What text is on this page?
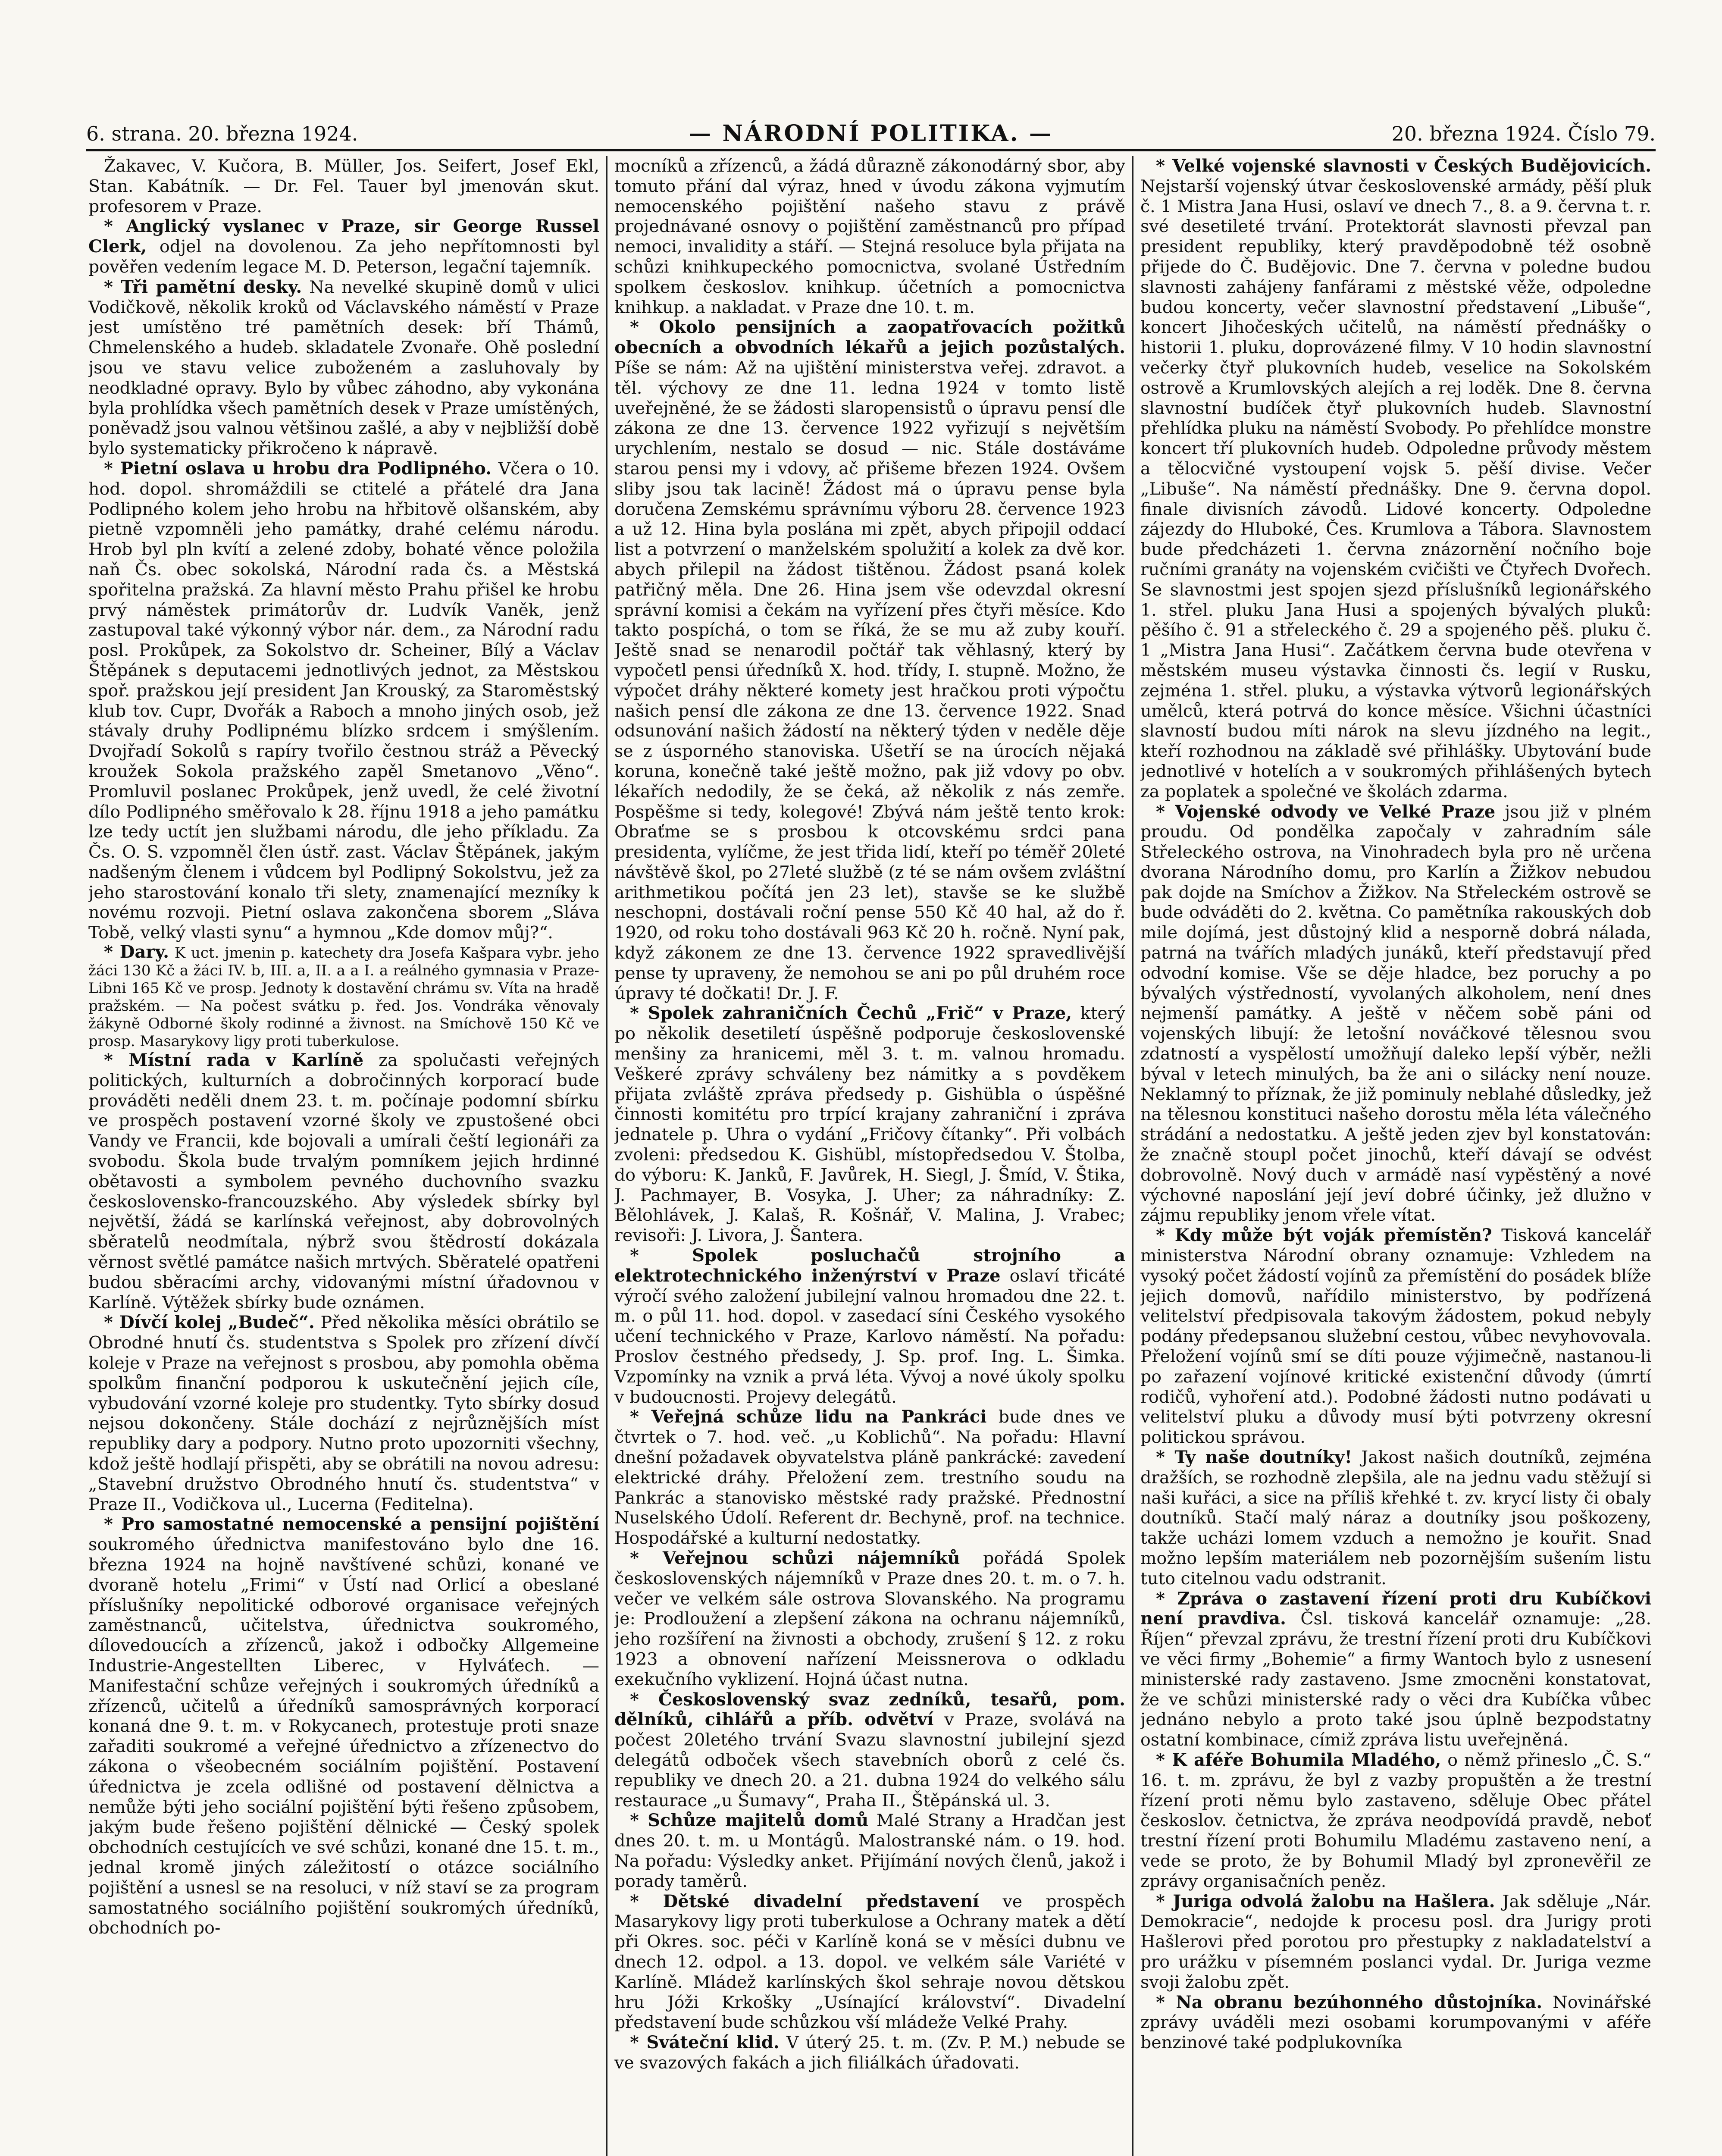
6. strana. 20. března 1924.	— NÁRODNÍ POLITIKA. —	20. března 1924. Číslo 79.

Žakavec, V. Kučora, B. Müller, Jos. Seifert, Josef Ekl, Stan. Kabátník. — Dr. Fel. Tauer byl jmenován skut. profesorem v Praze.

* Anglický vyslanec v Praze, sir George Russel Clerk, odjel na dovolenou. Za jeho nepřítomnosti byl pověřen vedením legace M. D. Peterson, legační tajemník.

* Tři pamětní desky. Na nevelké skupině domů v ulici Vodičkově, několik kroků od Václavského náměstí v Praze jest umístěno tré pamětních desek: bří Thámů, Chmelenského a hudeb. skladatele Zvonaře. Ohě poslední jsou ve stavu velice zuboženém a zasluhovaly by neodkladné opravy. Bylo by vůbec záhodno, aby vykonána byla prohlídka všech pamětních desek v Praze umístěných, poněvadž jsou valnou většinou zašlé, a aby v nejbližší době bylo systematicky přikročeno k nápravě.

* Pietní oslava u hrobu dra Podlipného. Včera o 10. hod. dopol. shromáždili se ctitelé a přátelé dra Jana Podlipného kolem jeho hrobu na hřbitově olšanském, aby pietně vzpomněli jeho památky, drahé celému národu. Hrob byl pln kvítí a zelené zdoby, bohaté věnce položila naň Čs. obec sokolská, Národní rada čs. a Městská spořitelna pražská. Za hlavní město Prahu přišel ke hrobu prvý náměstek primátorův dr. Ludvík Vaněk, jenž zastupoval také výkonný výbor nár. dem., za Národní radu posl. Prokůpek, za Sokolstvo dr. Scheiner, Bílý a Václav Štěpánek s deputacemi jednotlivých jednot, za Městskou spoř. pražskou její president Jan Krouský, za Staroměstský klub tov. Cupr, Dvořák a Raboch a mnoho jiných osob, jež stávaly druhy Podlipnému blízko srdcem i smýšlením. Dvojřadí Sokolů s rapíry tvořilo čestnou stráž a Pěvecký kroužek Sokola pražského zapěl Smetanovo „Věno“. Promluvil poslanec Prokůpek, jenž uvedl, že celé životní dílo Podlipného směřovalo k 28. říjnu 1918 a jeho památku lze tedy uctít jen službami národu, dle jeho příkladu. Za Čs. O. S. vzpomněl člen ústř. zast. Václav Štěpánek, jakým nadšeným členem i vůdcem byl Podlipný Sokolstvu, jež za jeho starostování konalo tři slety, znamenající mezníky k novému rozvoji. Pietní oslava zakončena sborem „Sláva Tobě, velký vlasti synu“ a hymnou „Kde domov můj?“.

* Dary. K uct. jmenin p. katechety dra Josefa Kašpara vybr. jeho žáci 130 Kč a žáci IV. b, III. a, II. a a I. a reálného gymnasia v Praze-Libni 165 Kč ve prosp. Jednoty k dostavění chrámu sv. Víta na hradě pražském. — Na počest svátku p. řed. Jos. Vondráka věnovaly žákyně Odborné školy rodinné a živnost. na Smíchově 150 Kč ve prosp. Masarykovy ligy proti tuberkulose.

* Místní rada v Karlíně za spolučasti veřejných politických, kulturních a dobročinných korporací bude prováděti neděli dnem 23. t. m. počínaje podomní sbírku ve prospěch postavení vzorné školy ve zpustošené obci Vandy ve Francii, kde bojovali a umírali čeští legionáři za svobodu. Škola bude trvalým pomníkem jejich hrdinné obětavosti a symbolem pevného duchovního svazku československo-francouzského. Aby výsledek sbírky byl největší, žádá se karlínská veřejnost, aby dobrovolných sběratelů neodmítala, nýbrž svou štědrostí dokázala věrnost světlé památce našich mrtvých. Sběratelé opatřeni budou sběracími archy, vidovanými místní úřadovnou v Karlíně. Výtěžek sbírky bude oznámen.

* Dívčí kolej „Budeč“. Před několika měsíci obrátilo se Obrodné hnutí čs. studentstva s Spolek pro zřízení dívčí koleje v Praze na veřejnost s prosbou, aby pomohla oběma spolkům finanční podporou k uskutečnění jejich cíle, vybudování vzorné koleje pro studentky. Tyto sbírky dosud nejsou dokončeny. Stále dochází z nejrůznějších míst republiky dary a podpory. Nutno proto upozorniti všechny, kdož ještě hodlají přispěti, aby se obrátili na novou adresu: „Stavební družstvo Obrodného hnutí čs. studentstva“ v Praze II., Vodičkova ul., Lucerna (Feditelna).

* Pro samostatné nemocenské a pensijní pojištění soukromého úřednictva manifestováno bylo dne 16. března 1924 na hojně navštívené schůzi, konané ve dvoraně hotelu „Frimi“ v Ústí nad Orlicí a obeslané příslušníky nepolitické odborové organisace veřejných zaměstnanců, učitelstva, úřednictva soukromého, dílovedoucích a zřízenců, jakož i odbočky Allgemeine Industrie-Angestellten Liberec, v Hylváťech. — Manifestační schůze veřejných i soukromých úředníků a zřízenců, učitelů a úředníků samosprávných korporací konaná dne 9. t. m. v Rokycanech, protestuje proti snaze zařaditi soukromé a veřejné úřednictvo a zřízenectvo do zákona o všeobecném sociálním pojištění. Postavení úřednictva je zcela odlišné od postavení dělnictva a nemůže býti jeho sociální pojištění býti řešeno způsobem, jakým bude řešeno pojištění dělnické — Český spolek obchodních cestujících ve své schůzi, konané dne 15. t. m., jednal kromě jiných záležitostí o otázce sociálního pojištění a usnesl se na resoluci, v níž staví se za program samostatného sociálního pojištění soukromých úředníků, obchodních po-

mocníků a zřízenců, a žádá důrazně zákonodárný sbor, aby tomuto přání dal výraz, hned v úvodu zákona vyjmutím nemocenského pojištění našeho stavu z právě projednávané osnovy o pojištění zaměstnanců pro případ nemoci, invalidity a stáří. — Stejná resoluce byla přijata na schůzi knihkupeckého pomocnictva, svolané Ústředním spolkem českoslov. knihkup. účetních a pomocnictva knihkup. a nakladat. v Praze dne 10. t. m.

* Okolo pensijních a zaopatřovacích požitků obecních a obvodních lékařů a jejich pozůstalých. Píše se nám: Až na ujištění ministerstva veřej. zdravot. a těl. výchovy ze dne 11. ledna 1924 v tomto listě uveřejněné, že se žádosti slaropensistů o úpravu pensí dle zákona ze dne 13. července 1922 vyřizují s největším urychlením, nestalo se dosud — nic. Stále dostáváme starou pensi my i vdovy, ač přišeme březen 1924. Ovšem sliby jsou tak lacině! Žádost má o úpravu pense byla doručena Zemskému správnímu výboru 28. července 1923 a už 12. Hina byla poslána mi zpět, abych připojil oddací list a potvrzení o manželském spolužití a kolek za dvě kor. abych přilepil na žádost tištěnou. Žádost psaná kolek patřičný měla. Dne 26. Hina jsem vše odevzdal okresní správní komisi a čekám na vyřízení přes čtyři měsíce. Kdo takto pospíchá, o tom se říká, že se mu až zuby kouří. Ještě snad se nenarodil počtář tak věhlasný, který by vypočetl pensi úředníků X. hod. třídy, I. stupně. Možno, že výpočet dráhy některé komety jest hračkou proti výpočtu našich pensí dle zákona ze dne 13. července 1922. Snad odsunování našich žádostí na některý týden v neděle děje se z úsporného stanoviska. Ušetří se na úrocích nějaká koruna, konečně také ještě možno, pak již vdovy po obv. lékařích nedodily, že se čeká, až několik z nás zemře. Pospěšme si tedy, kolegové! Zbývá nám ještě tento krok: Obraťme se s prosbou k otcovskému srdci pana presidenta, vylíčme, že jest třida lidí, kteří po téměř 20leté návštěvě škol, po 27leté službě (z té se nám ovšem zvláštní arithmetikou počítá jen 23 let), stavše se ke službě neschopni, dostávali roční pense 550 Kč 40 hal, až do ř. 1920, od roku toho dostávali 963 Kč 20 h. ročně. Nyní pak, když zákonem ze dne 13. července 1922 spravedlivější pense ty upraveny, že nemohou se ani po půl druhém roce úpravy té dočkati! Dr. J. F.

* Spolek zahraničních Čechů „Frič“ v Praze, který po několik desetiletí úspěšně podporuje československé menšiny za hranicemi, měl 3. t. m. valnou hromadu. Veškeré zprávy schváleny bez námitky a s povděkem přijata zvláště zpráva předsedy p. Gishübla o úspěšné činnosti komitétu pro trpící krajany zahraniční i zpráva jednatele p. Uhra o vydání „Fričovy čítanky“. Při volbách zvoleni: předsedou K. Gishübl, místopředsedou V. Štolba, do výboru: K. Janků, F. Javůrek, H. Siegl, J. Šmíd, V. Štika, J. Pachmayer, B. Vosyka, J. Uher; za náhradníky: Z. Bělohlávek, J. Kalaš, R. Košnář, V. Malina, J. Vrabec; revisoři: J. Livora, J. Šantera.

* Spolek posluchačů strojního a elektrotechnického inženýrství v Praze oslaví třicáté výročí svého založení jubilejní valnou hromadou dne 22. t. m. o půl 11. hod. dopol. v zasedací síni Českého vysokého učení technického v Praze, Karlovo náměstí. Na pořadu: Proslov čestného předsedy, J. Sp. prof. Ing. L. Šimka. Vzpomínky na vznik a prvá léta. Vývoj a nové úkoly spolku v budoucnosti. Projevy delegátů.

* Veřejná schůze lidu na Pankráci bude dnes ve čtvrtek o 7. hod. več. „u Koblichů“. Na pořadu: Hlavní dnešní požadavek obyvatelstva pláně pankrácké: zavedení elektrické dráhy. Přeložení zem. trestního soudu na Pankrác a stanovisko městské rady pražské. Přednostní Nuselského Údolí. Referent dr. Bechyně, prof. na technice. Hospodářské a kulturní nedostatky.

* Veřejnou schůzi nájemníků pořádá Spolek československých nájemníků v Praze dnes 20. t. m. o 7. h. večer ve velkém sále ostrova Slovanského. Na programu je: Prodloužení a zlepšení zákona na ochranu nájemníků, jeho rozšíření na živnosti a obchody, zrušení § 12. z roku 1923 a obnovení nařízení Meissnerova o odkladu exekučního vyklizení. Hojná účast nutna.

* Československý svaz zedníků, tesařů, pom. dělníků, cihlářů a příb. odvětví v Praze, svolává na počest 20letého trvání Svazu slavnostní jubilejní sjezd delegátů odboček všech stavebních oborů z celé čs. republiky ve dnech 20. a 21. dubna 1924 do velkého sálu restaurace „u Šumavy“, Praha II., Štěpánská ul. 3.

* Schůze majitelů domů Malé Strany a Hradčan jest dnes 20. t. m. u Montágů. Malostranské nám. o 19. hod. Na pořadu: Výsledky anket. Přijímání nových členů, jakož i porady taměrů.

* Dětské divadelní představení ve prospěch Masarykovy ligy proti tuberkulose a Ochrany matek a dětí při Okres. soc. péči v Karlíně koná se v měsíci dubnu ve dnech 12. odpol. a 13. dopol. ve velkém sále Variété v Karlíně. Mládež karlínských škol sehraje novou dětskou hru Jóži Krkošky „Usínající království“. Divadelní představení bude schůzkou vší mládeže Velké Prahy.

* Sváteční klid. V úterý 25. t. m. (Zv. P. M.) nebude se ve svazových fakách a jich filiálkách úřadovati.

* Velké vojenské slavnosti v Českých Budějovicích. Nejstarší vojenský útvar československé armády, pěší pluk č. 1 Mistra Jana Husi, oslaví ve dnech 7., 8. a 9. června t. r. své desetileté trvání. Protektorát slavnosti převzal pan president republiky, který pravděpodobně též osobně přijede do Č. Budějovic. Dne 7. června v poledne budou slavnosti zahájeny fanfárami z městské věže, odpoledne budou koncerty, večer slavnostní představení „Libuše“, koncert Jihočeských učitelů, na náměstí přednášky o historii 1. pluku, doprovázené filmy. V 10 hodin slavnostní večerky čtyř plukovních hudeb, veselice na Sokolském ostrově a Krumlovských alejích a rej loděk. Dne 8. června slavnostní budíček čtyř plukovních hudeb. Slavnostní přehlídka pluku na náměstí Svobody. Po přehlídce monstre koncert tří plukovních hudeb. Odpoledne průvody městem a tělocvičné vystoupení vojsk 5. pěší divise. Večer „Libuše“. Na náměstí přednášky. Dne 9. června dopol. finale divisních závodů. Lidové koncerty. Odpoledne zájezdy do Hluboké, Čes. Krumlova a Tábora. Slavnostem bude předcházeti 1. června znázornění nočního boje ručními granáty na vojenském cvičišti ve Čtyřech Dvořech. Se slavnostmi jest spojen sjezd příslušníků legionářského 1. střel. pluku Jana Husi a spojených bývalých pluků: pěšího č. 91 a střeleckého č. 29 a spojeného pěš. pluku č. 1 „Mistra Jana Husi“. Začátkem června bude otevřena v městském museu výstavka činnosti čs. legií v Rusku, zejména 1. střel. pluku, a výstavka výtvorů legionářských umělců, která potrvá do konce měsíce. Všichni účastníci slavností budou míti nárok na slevu jízdného na legit., kteří rozhodnou na základě své přihlášky. Ubytování bude jednotlivé v hotelích a v soukromých přihlášených bytech za poplatek a společné ve školách zdarma.

* Vojenské odvody ve Velké Praze jsou již v plném proudu. Od pondělka započaly v zahradním sále Střeleckého ostrova, na Vinohradech byla pro ně určena dvorana Národního domu, pro Karlín a Žižkov nebudou pak dojde na Smíchov a Žižkov. Na Střeleckém ostrově se bude odváděti do 2. května. Co pamětníka rakouských dob mile dojímá, jest důstojný klid a nesporně dobrá nálada, patrná na tvářích mladých junáků, kteří představují před odvodní komise. Vše se děje hladce, bez poruchy a po bývalých výstředností, vyvolaných alkoholem, není dnes nejmenší památky. A ještě v něčem sobě páni od vojenských libují: že letošní nováčkové tělesnou svou zdatností a vyspělostí umožňují daleko lepší výběr, nežli býval v letech minulých, ba že ani o silácky není nouze. Neklamný to příznak, že již pominuly neblahé důsledky, jež na tělesnou konstituci našeho dorostu měla léta válečného strádání a nedostatku. A ještě jeden zjev byl konstatován: že značně stoupl počet jinochů, kteří dávají se odvést dobrovolně. Nový duch v armádě nasí vypěstěný a nové výchovné naposlání její jeví dobré účinky, jež dlužno v zájmu republiky jenom vřele vítat.

* Kdy může být voják přemístěn? Tisková kancelář ministerstva Národní obrany oznamuje: Vzhledem na vysoký počet žádostí vojínů za přemístění do posádek blíže jejich domovů, nařídilo ministerstvo, by podřízená velitelství předpisovala takovým žádostem, pokud nebyly podány předepsanou služební cestou, vůbec nevyhovovala. Přeložení vojínů smí se díti pouze výjimečně, nastanou-li po zařazení vojínové kritické existenční důvody (úmrtí rodičů, vyhoření atd.). Podobné žádosti nutno podávati u velitelství pluku a důvody musí býti potvrzeny okresní politickou správou.

* Ty naše doutníky! Jakost našich doutníků, zejména dražších, se rozhodně zlepšila, ale na jednu vadu stěžují si naši kuřáci, a sice na příliš křehké t. zv. krycí listy či obaly doutníků. Stačí malý náraz a doutníky jsou poškozeny, takže ucházi lomem vzduch a nemožno je kouřit. Snad možno lepším materiálem neb pozornějším sušením listu tuto citelnou vadu odstranit.

* Zpráva o zastavení řízení proti dru Kubíčkovi není pravdiva. Čsl. tisková kancelář oznamuje: „28. Říjen“ převzal zprávu, že trestní řízení proti dru Kubíčkovi ve věci firmy „Bohemie“ a firmy Wantoch bylo z usnesení ministerské rady zastaveno. Jsme zmocněni konstatovat, že ve schůzi ministerské rady o věci dra Kubíčka vůbec jednáno nebylo a proto také jsou úplně bezpodstatny ostatní kombinace, címiž zpráva listu uveřejněná.

* K aféře Bohumila Mladého, o němž přineslo „Č. S.“ 16. t. m. zprávu, že byl z vazby propuštěn a že trestní řízení proti němu bylo zastaveno, sděluje Obec přátel českoslov. četnictva, že zpráva neodpovídá pravdě, neboť trestní řízení proti Bohumilu Mladému zastaveno není, a vede se proto, že by Bohumil Mladý byl zpronevěřil ze zprávy organisačních peněz.

* Juriga odvolá žalobu na Hašlera. Jak sděluje „Nár. Demokracie“, nedojde k procesu posl. dra Jurigy proti Hašlerovi před porotou pro přestupky z nakladatelství a pro urážku v písemném poslanci vydal. Dr. Juriga vezme svoji žalobu zpět.

* Na obranu bezúhonného důstojníka. Novinářské zprávy uváděli mezi osobami korumpovanými v aféře benzinové také podplukovníka
